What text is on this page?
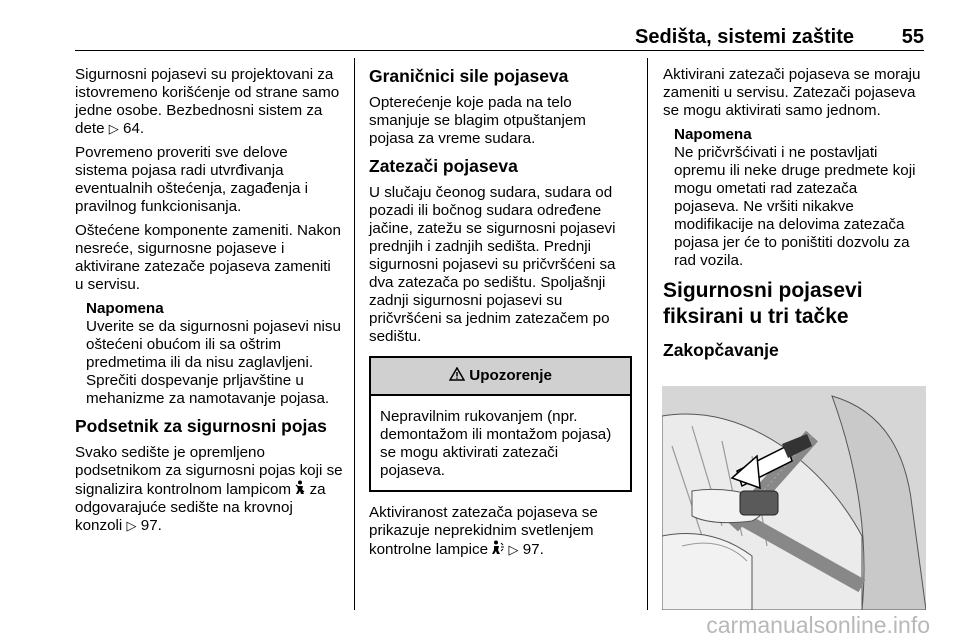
Sedišta, sistemi zaštite 55

Sigurnosni pojasevi su projektovani za istovremeno korišćenje od strane samo jedne osobe. Bezbednosni sistem za dete ▷ 64.

Povremeno proveriti sve delove sistema pojasa radi utvrđivanja eventualnih oštećenja, zagađenja i pravilnog funkcionisanja.

Oštećene komponente zameniti. Nakon nesreće, sigurnosne pojaseve i aktivirane zatezače pojaseva zameniti u servisu.

Napomena
Uverite se da sigurnosni pojasevi nisu oštećeni obućom ili sa oštrim predmetima ili da nisu zaglavljeni. Sprečiti dospevanje prljavštine u mehanizme za namotavanje pojasa.
Podsetnik za sigurnosni pojas

Svako sedište je opremljeno podsetnikom za sigurnosni pojas koji se signalizira kontrolnom lampicom za odgovarajuće sedište na krovnoj konzoli ▷ 97.

Graničnici sile pojaseva

Opterećenje koje pada na telo smanjuje se blagim otpuštanjem pojasa za vreme sudara.

Zatezači pojaseva

U slučaju čeonog sudara, sudara od pozadi ili bočnog sudara određene jačine, zatežu se sigurnosni pojasevi prednjih i zadnjih sedišta. Prednji sigurnosni pojasevi su pričvršćeni sa dva zatezača po sedištu. Spoljašnji zadnji sigurnosni pojasevi su pričvršćeni sa jednim zatezačem po sedištu.

Upozorenje
Nepravilnim rukovanjem (npr. demontažom ili montažom pojasa) se mogu aktivirati zatezači pojaseva.

Aktiviranost zatezača pojaseva se prikazuje neprekidnim svetlenjem kontrolne lampice ▷ 97.

Aktivirani zatezači pojaseva se moraju zameniti u servisu. Zatezači pojaseva se mogu aktivirati samo jednom.

Napomena
Ne pričvršćivati i ne postavljati opremu ili neke druge predmete koji mogu ometati rad zatezača pojaseva. Ne vršiti nikakve modifikacije na delovima zatezača pojasa jer će to poništiti dozvolu za rad vozila.
Sigurnosni pojasevi fiksirani u tri tačke
Zakopčavanje
carmanualsonline.info
